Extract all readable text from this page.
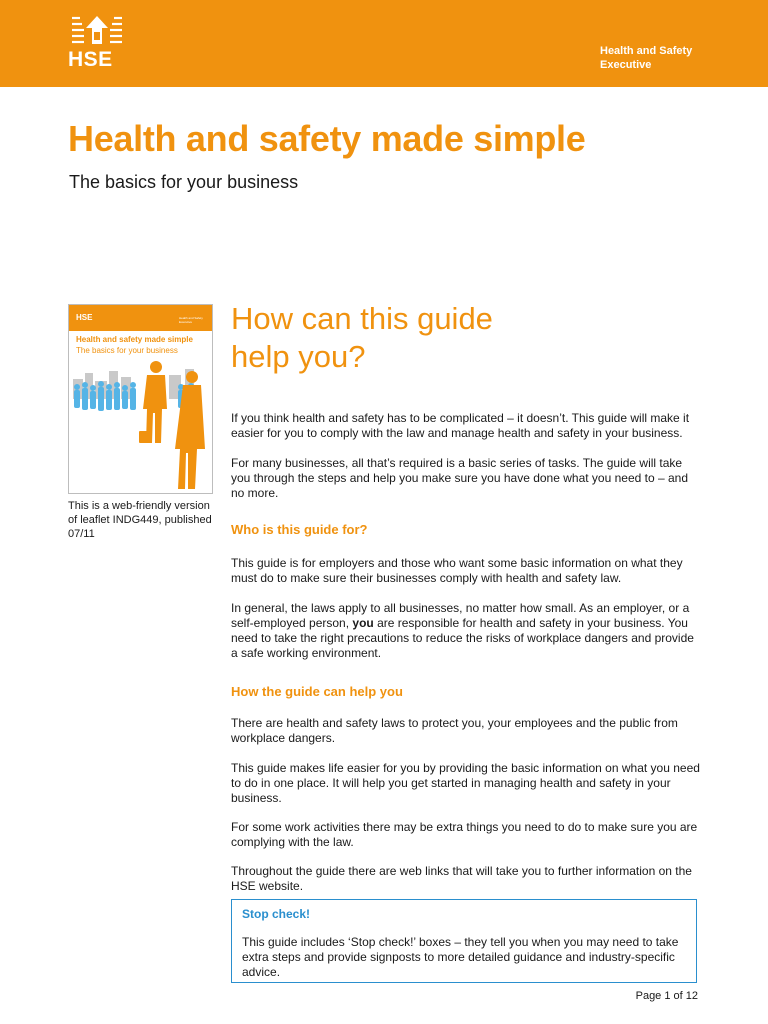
HSE	Health and Safety
Executive
Health and safety made simple
The basics for your business
HSE	Health and Safety Executive
Health and safety made simple
The basics for your business
This is a web-friendly version of leaflet INDG449, published 07/11
How can this guide
help you?

If you think health and safety has to be complicated – it doesn’t. This guide will make it easier for you to comply with the law and manage health and safety in your business.

For many businesses, all that’s required is a basic series of tasks. The guide will take you through the steps and help you make sure you have done what you need to – and no more.

Who is this guide for?

This guide is for employers and those who want some basic information on what they must do to make sure their businesses comply with health and safety law.

In general, the laws apply to all businesses, no matter how small. As an employer, or a self-employed person, you are responsible for health and safety in your business. You need to take the right precautions to reduce the risks of workplace dangers and provide a safe working environment.

How the guide can help you

There are health and safety laws to protect you, your employees and the public from workplace dangers.

This guide makes life easier for you by providing the basic information on what you need to do in one place. It will help you get started in managing health and safety in your business.

For some work activities there may be extra things you need to do to make sure you are complying with the law.

Throughout the guide there are web links that will take you to further information on the HSE website.

Stop check!

This guide includes ‘Stop check!’ boxes – they tell you when you may need to take extra steps and provide signposts to more detailed guidance and industry-specific advice.

Page 1 of 12
